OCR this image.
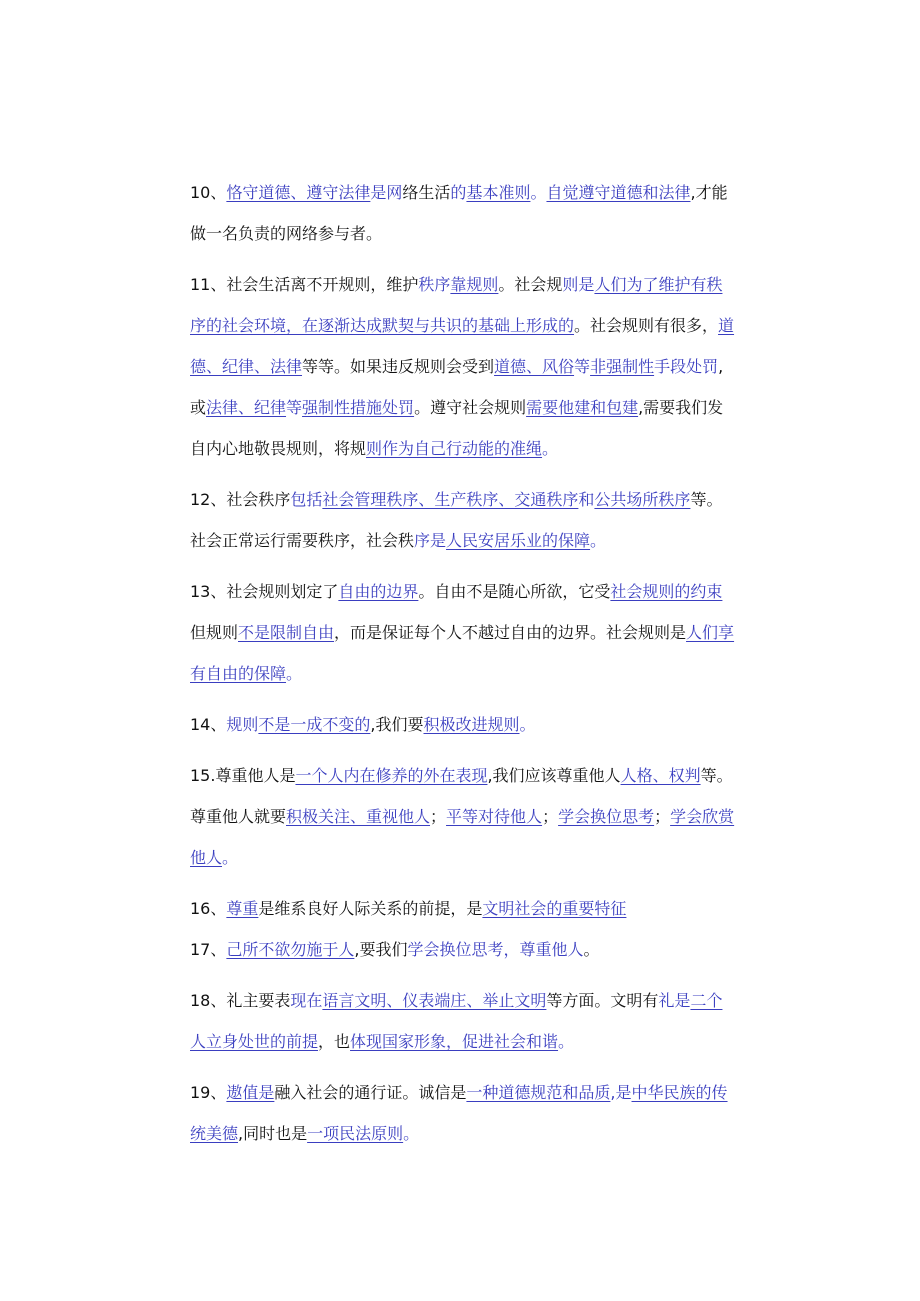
10、恪守道德、遵守法律是网络生活的基本准则。自觉遵守道德和法律,才能做一名负责的网络参与者。

11、社会生活离不开规则，维护秩序靠规则。社会规则是人们为了维护有秩序的社会环境，在逐渐达成默契与共识的基础上形成的。社会规则有很多，道德、纪律、法律等等。如果违反规则会受到道德、风俗等非强制性手段处罚,或法律、纪律等强制性措施处罚。遵守社会规则需要他建和包建,需要我们发自内心地敬畏规则，将规则作为自己行动能的准绳。

12、社会秩序包括社会管理秩序、生产秩序、交通秩序和公共场所秩序等。社会正常运行需要秩序，社会秩序是人民安居乐业的保障。

13、社会规则划定了自由的边界。自由不是随心所欲，它受社会规则的约束但规则不是限制自由，而是保证每个人不越过自由的边界。社会规则是人们享有自由的保障。

14、规则不是一成不变的,我们要积极改进规则。

15.尊重他人是一个人内在修养的外在表现,我们应该尊重他人人格、权判等。尊重他人就要积极关注、重视他人；平等对待他人；学会换位思考；学会欣赏他人。

16、尊重是维系良好人际关系的前提，是文明社会的重要特征

17、己所不欲勿施于人,要我们学会换位思考，尊重他人。

18、礼主要表现在语言文明、仪表端庄、举止文明等方面。文明有礼是二个人立身处世的前提，也体现国家形象，促进社会和谐。

19、遨值是融入社会的通行证。诚信是一种道德规范和品质,是中华民族的传统美德,同时也是一项民法原则。
